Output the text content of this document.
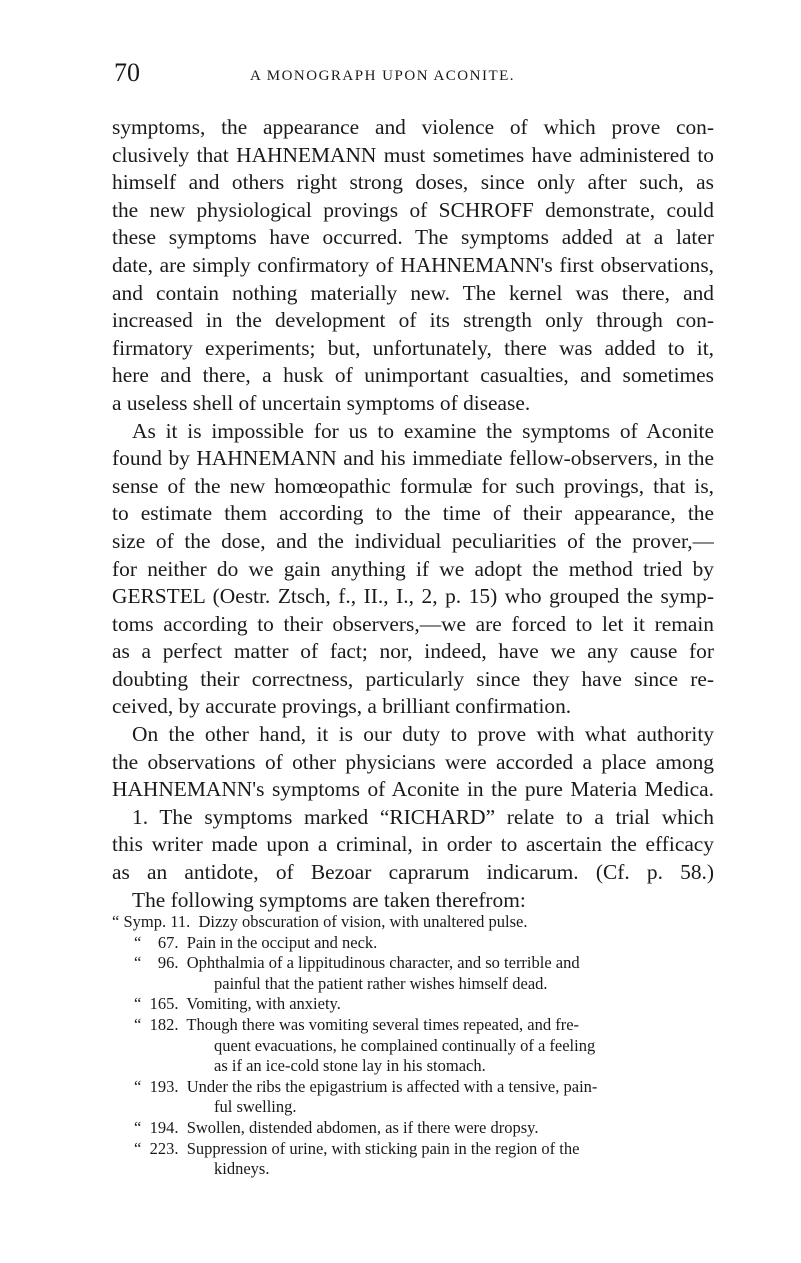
70	A MONOGRAPH UPON ACONITE.
symptoms, the appearance and violence of which prove con-
clusively that HAHNEMANN must sometimes have administered to
himself and others right strong doses, since only after such, as
the new physiological provings of SCHROFF demonstrate, could
these symptoms have occurred. The symptoms added at a later
date, are simply confirmatory of HAHNEMANN's first observations,
and contain nothing materially new. The kernel was there, and
increased in the development of its strength only through con-
firmatory experiments; but, unfortunately, there was added to it,
here and there, a husk of unimportant casualties, and sometimes
a useless shell of uncertain symptoms of disease.
As it is impossible for us to examine the symptoms of Aconite
found by HAHNEMANN and his immediate fellow-observers, in the
sense of the new homœopathic formulæ for such provings, that is,
to estimate them according to the time of their appearance, the
size of the dose, and the individual peculiarities of the prover,—
for neither do we gain anything if we adopt the method tried by
GERSTEL (Oestr. Ztsch, f., II., I., 2, p. 15) who grouped the symp-
toms according to their observers,—we are forced to let it remain
as a perfect matter of fact; nor, indeed, have we any cause for
doubting their correctness, particularly since they have since re-
ceived, by accurate provings, a brilliant confirmation.
On the other hand, it is our duty to prove with what authority
the observations of other physicians were accorded a place among
HAHNEMANN's symptoms of Aconite in the pure Materia Medica.
1. The symptoms marked “RICHARD” relate to a trial which
this writer made upon a criminal, in order to ascertain the efficacy
as an antidote, of Bezoar caprarum indicarum. (Cf. p. 58.)
The following symptoms are taken therefrom:
“ Symp. 11.  Dizzy obscuration of vision, with unaltered pulse.
“    67.  Pain in the occiput and neck.
“    96.  Ophthalmia of a lippitudinous character, and so terrible and
painful that the patient rather wishes himself dead.
“  165.  Vomiting, with anxiety.
“  182.  Though there was vomiting several times repeated, and fre-
quent evacuations, he complained continually of a feeling
as if an ice-cold stone lay in his stomach.
“  193.  Under the ribs the epigastrium is affected with a tensive, pain-
ful swelling.
“  194.  Swollen, distended abdomen, as if there were dropsy.
“  223.  Suppression of urine, with sticking pain in the region of the
kidneys.
